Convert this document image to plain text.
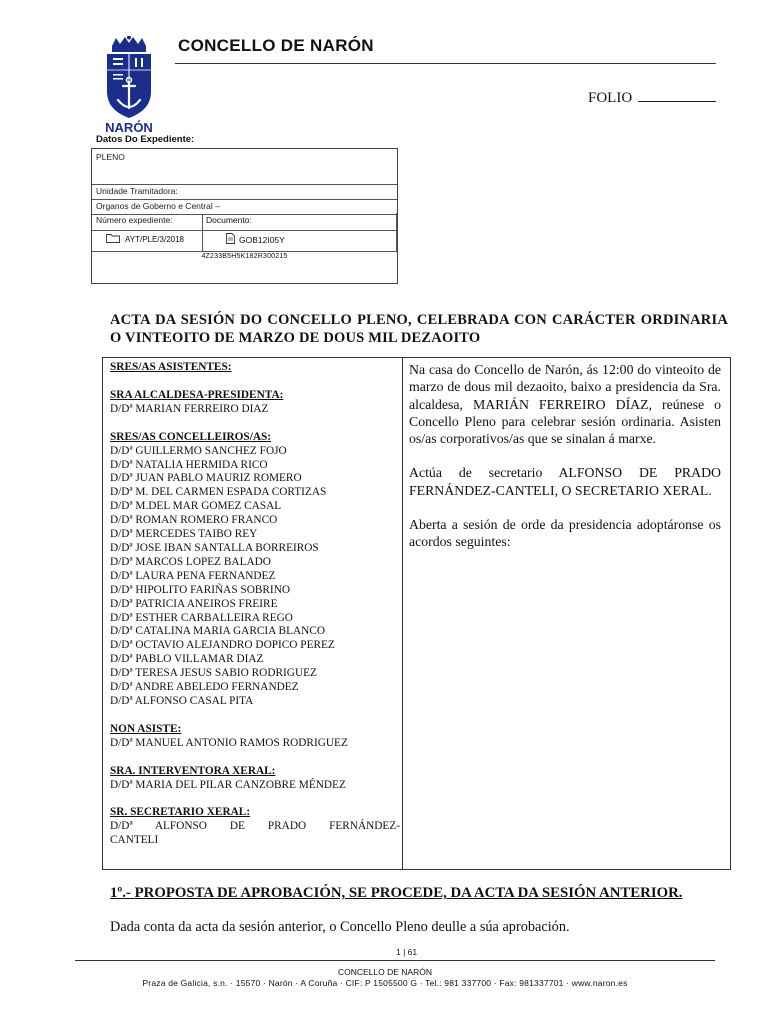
NARÓN
CONCELLO DE NARÓN
FOLIO
Datos Do Expediente:
PLENO
Unidade Tramitadora:
Organos de Goberno e Central –
Número expediente:	Documento:
AYT/PLE/3/2018	GOB12I05Y
4Z233B5H5K182R300215
ACTA DA SESIÓN DO CONCELLO PLENO, CELEBRADA CON CARÁCTER ORDINARIA O VINTEOITO DE MARZO DE DOUS MIL DEZAOITO
SRES/AS ASISTENTES:
SRA ALCALDESA-PRESIDENTA:
D/Dª MARIAN FERREIRO DIAZ
SRES/AS CONCELLEIROS/AS:
D/Dª GUILLERMO SANCHEZ FOJO
D/Dª NATALIA HERMIDA RICO
D/Dª JUAN PABLO MAURIZ ROMERO
D/Dª M. DEL CARMEN ESPADA CORTIZAS
D/Dª M.DEL MAR GOMEZ CASAL
D/Dª ROMAN ROMERO FRANCO
D/Dª MERCEDES TAIBO REY
D/Dª JOSE IBAN SANTALLA BORREIROS
D/Dª MARCOS LOPEZ BALADO
D/Dª LAURA PENA FERNANDEZ
D/Dª HIPOLITO FARIÑAS SOBRINO
D/Dª PATRICIA ANEIROS FREIRE
D/Dª ESTHER CARBALLEIRA REGO
D/Dª CATALINA MARIA GARCIA BLANCO
D/Dª OCTAVIO ALEJANDRO DOPICO PEREZ
D/Dª PABLO VILLAMAR DIAZ
D/Dª TERESA JESUS SABIO RODRIGUEZ
D/Dª ANDRE ABELEDO FERNANDEZ
D/Dª ALFONSO CASAL PITA
NON ASISTE:
D/Dª MANUEL ANTONIO RAMOS RODRIGUEZ
SRA. INTERVENTORA XERAL:
D/Dª MARIA DEL PILAR CANZOBRE MÉNDEZ
SR. SECRETARIO XERAL:
D/Dª ALFONSO DE PRADO FERNÁNDEZ-
CANTELI

Na casa do Concello de Narón, ás 12:00 do vinteoito de marzo de dous mil dezaoito, baixo a presidencia da Sra. alcaldesa, MARIÁN FERREIRO DÍAZ, reúnese o Concello Pleno para celebrar sesión ordinaria. Asisten os/as corporativos/as que se sinalan á marxe.

Actúa de secretario ALFONSO DE PRADO FERNÁNDEZ-CANTELI, O SECRETARIO XERAL.

Aberta a sesión de orde da presidencia adoptáronse os acordos seguintes:

1º.- PROPOSTA DE APROBACIÓN, SE PROCEDE, DA ACTA DA SESIÓN ANTERIOR.
Dada conta da acta da sesión anterior, o Concello Pleno deulle a súa aprobación.
1 | 61
CONCELLO DE NARÓN
Praza de Galicia, s.n. · 15570 · Narón · A Coruña · CIF: P 1505500 G · Tel.: 981 337700 · Fax: 981337701 · www.naron.es
